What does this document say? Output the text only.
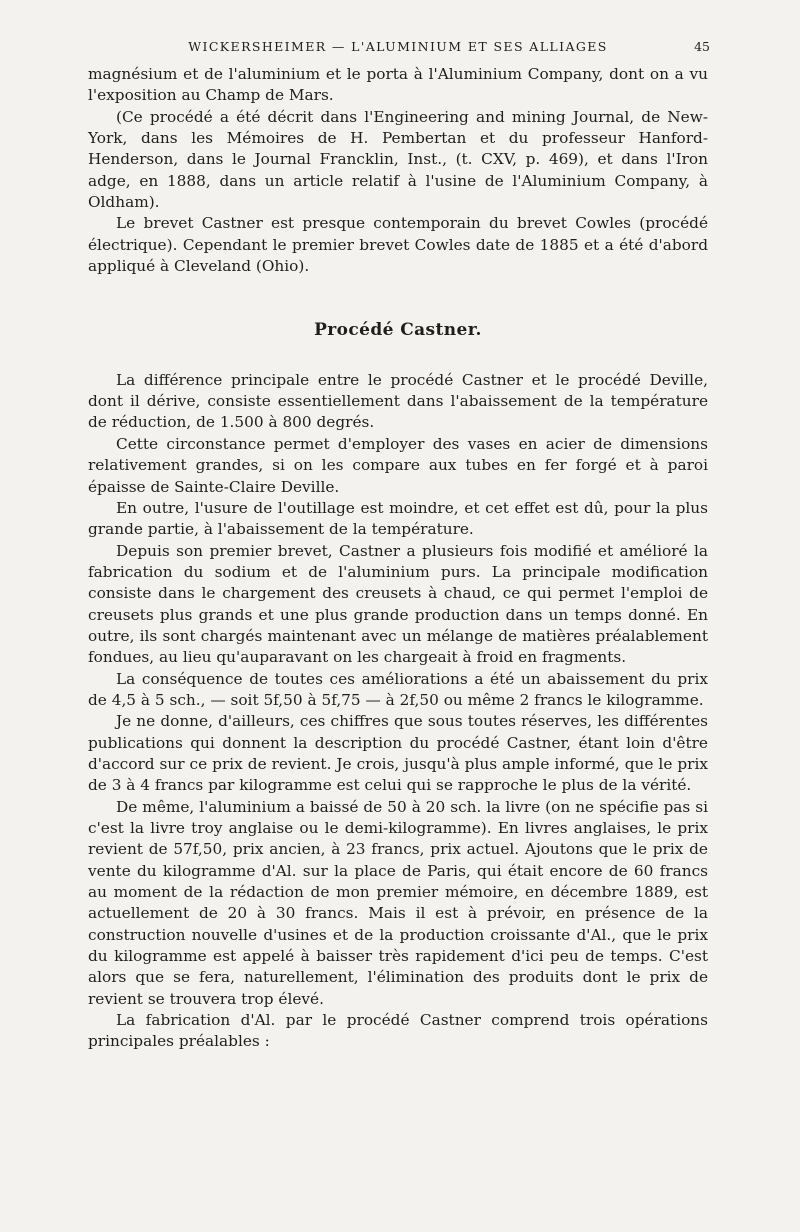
WICKERSHEIMER — L'ALUMINIUM ET SES ALLIAGES	45

magnésium et de l'aluminium et le porta à l'Aluminium Company, dont on a vu l'exposition au Champ de Mars.

(Ce procédé a été décrit dans l'Engineering and mining Journal, de New-York, dans les Mémoires de H. Pembertan et du professeur Hanford-Henderson, dans le Journal Francklin, Inst., (t. CXV, p. 469), et dans l'Iron adge, en 1888, dans un article relatif à l'usine de l'Aluminium Company, à Oldham).

Le brevet Castner est presque contemporain du brevet Cowles (procédé électrique). Cependant le premier brevet Cowles date de 1885 et a été d'abord appliqué à Cleveland (Ohio).

Procédé Castner.

La différence principale entre le procédé Castner et le procédé Deville, dont il dérive, consiste essentiellement dans l'abaissement de la température de réduction, de 1.500 à 800 degrés.

Cette circonstance permet d'employer des vases en acier de dimensions relativement grandes, si on les compare aux tubes en fer forgé et à paroi épaisse de Sainte-Claire Deville.

En outre, l'usure de l'outillage est moindre, et cet effet est dû, pour la plus grande partie, à l'abaissement de la température.

Depuis son premier brevet, Castner a plusieurs fois modifié et amélioré la fabrication du sodium et de l'aluminium purs. La principale modification consiste dans le chargement des creusets à chaud, ce qui permet l'emploi de creusets plus grands et une plus grande production dans un temps donné. En outre, ils sont chargés maintenant avec un mélange de matières préalablement fondues, au lieu qu'auparavant on les chargeait à froid en fragments.

La conséquence de toutes ces améliorations a été un abaissement du prix de 4,5 à 5 sch., — soit 5f,50 à 5f,75 — à 2f,50 ou même 2 francs le kilogramme.

Je ne donne, d'ailleurs, ces chiffres que sous toutes réserves, les différentes publications qui donnent la description du procédé Castner, étant loin d'être d'accord sur ce prix de revient. Je crois, jusqu'à plus ample informé, que le prix de 3 à 4 francs par kilogramme est celui qui se rapproche le plus de la vérité.

De même, l'aluminium a baissé de 50 à 20 sch. la livre (on ne spécifie pas si c'est la livre troy anglaise ou le demi-kilogramme). En livres anglaises, le prix revient de 57f,50, prix ancien, à 23 francs, prix actuel. Ajoutons que le prix de vente du kilogramme d'Al. sur la place de Paris, qui était encore de 60 francs au moment de la rédaction de mon premier mémoire, en décembre 1889, est actuellement de 20 à 30 francs. Mais il est à prévoir, en présence de la construction nouvelle d'usines et de la production croissante d'Al., que le prix du kilogramme est appelé à baisser très rapidement d'ici peu de temps. C'est alors que se fera, naturellement, l'élimination des produits dont le prix de revient se trouvera trop élevé.

La fabrication d'Al. par le procédé Castner comprend trois opérations principales préalables :
